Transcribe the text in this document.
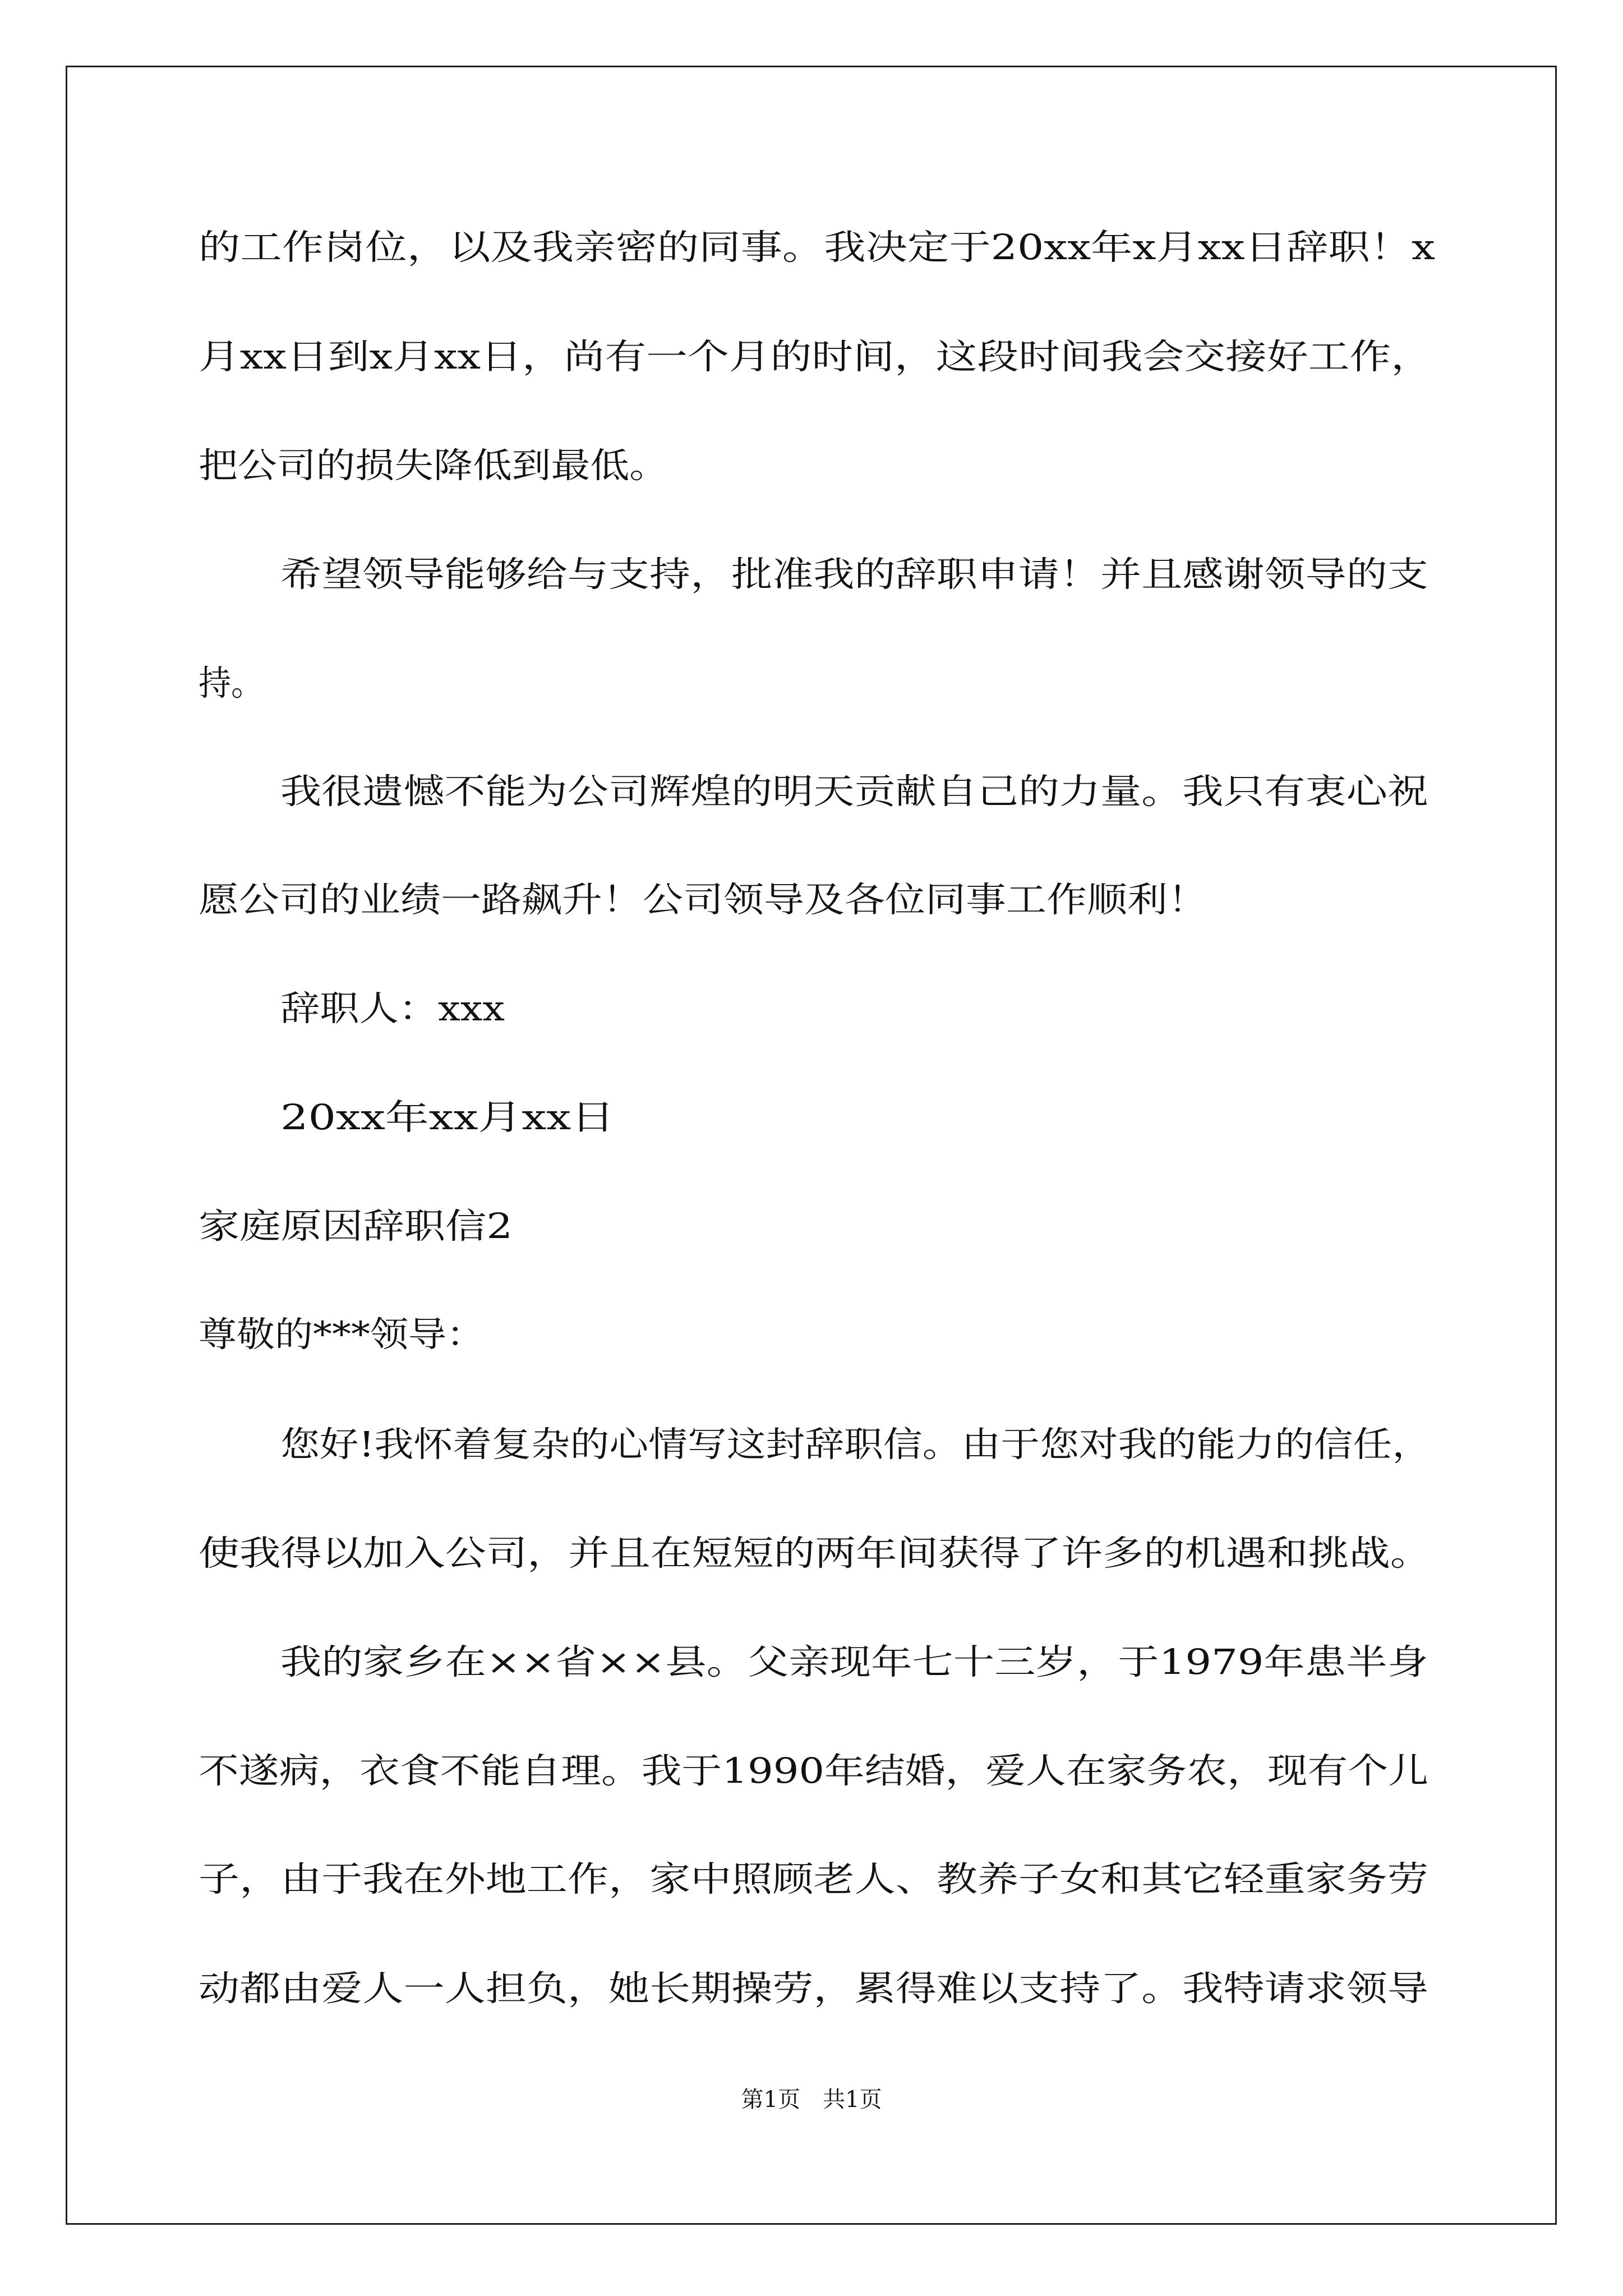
的工作岗位，以及我亲密的同事。我决定于20xx年x月xx日辞职！x
月xx日到x月xx日，尚有一个月的时间，这段时间我会交接好工作，
把公司的损失降低到最低。
希望领导能够给与支持，批准我的辞职申请！并且感谢领导的支
持。
我很遗憾不能为公司辉煌的明天贡献自己的力量。我只有衷心祝
愿公司的业绩一路飙升！公司领导及各位同事工作顺利！
辞职人：xxx
20xx年xx月xx日
家庭原因辞职信2
尊敬的***领导：
您好!我怀着复杂的心情写这封辞职信。由于您对我的能力的信任，
使我得以加入公司，并且在短短的两年间获得了许多的机遇和挑战。
我的家乡在××省××县。父亲现年七十三岁，于1979年患半身
不遂病，衣食不能自理。我于1990年结婚，爱人在家务农，现有个儿
子，由于我在外地工作，家中照顾老人、教养子女和其它轻重家务劳
动都由爱人一人担负，她长期操劳，累得难以支持了。我特请求领导
第1页　共1页
